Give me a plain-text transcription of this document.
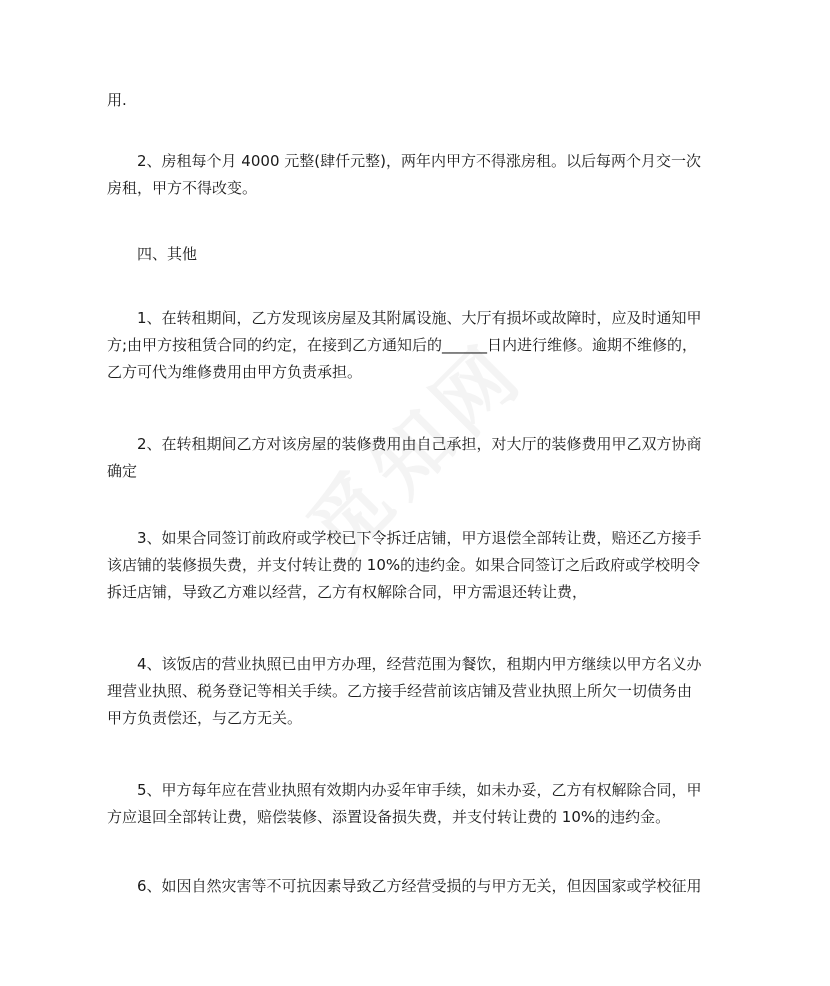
用.
2、房租每个月 4000 元整(肆仟元整)，两年内甲方不得涨房租。以后每两个月交一次
房租，甲方不得改变。
四、其他
1、在转租期间，乙方发现该房屋及其附属设施、大厅有损坏或故障时，应及时通知甲
方;由甲方按租赁合同的约定，在接到乙方通知后的______日内进行维修。逾期不维修的，
乙方可代为维修费用由甲方负责承担。
2、在转租期间乙方对该房屋的装修费用由自己承担，对大厅的装修费用甲乙双方协商
确定
3、如果合同签订前政府或学校已下令拆迁店铺，甲方退偿全部转让费，赔还乙方接手
该店铺的装修损失费，并支付转让费的 10%的违约金。如果合同签订之后政府或学校明令
拆迁店铺，导致乙方难以经营，乙方有权解除合同，甲方需退还转让费，
4、该饭店的营业执照已由甲方办理，经营范围为餐饮，租期内甲方继续以甲方名义办
理营业执照、税务登记等相关手续。乙方接手经营前该店铺及营业执照上所欠一切债务由
甲方负责偿还，与乙方无关。
5、甲方每年应在营业执照有效期内办妥年审手续，如未办妥，乙方有权解除合同，甲
方应退回全部转让费，赔偿装修、添置设备损失费，并支付转让费的 10%的违约金。
6、如因自然灾害等不可抗因素导致乙方经营受损的与甲方无关，但因国家或学校征用
